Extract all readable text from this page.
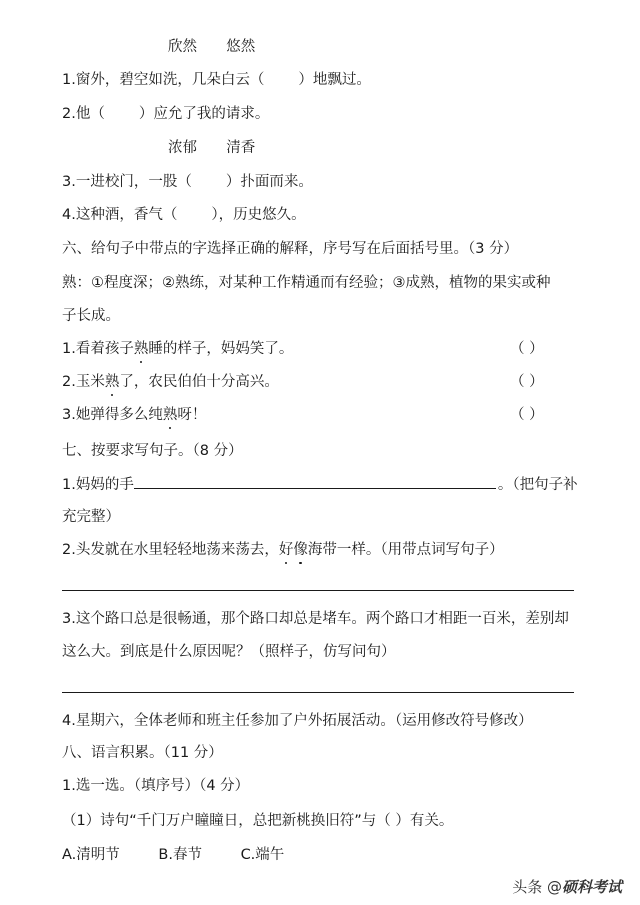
欣然 悠然
1.窗外，碧空如洗，几朵白云（ ）地飘过。
2.他（ ）应允了我的请求。
浓郁 清香
3.一进校门，一股（ ）扑面而来。
4.这种酒，香气（ ），历史悠久。
六、给句子中带点的字选择正确的解释，序号写在后面括号里。（3 分）
熟：①程度深；②熟练，对某种工作精通而有经验；③成熟，植物的果实或种
子长成。
1.看着孩子熟睡的样子，妈妈笑了。	（ ）
2.玉米熟了，农民伯伯十分高兴。	（ ）
3.她弹得多么纯熟呀！	（ ）
七、按要求写句子。（8 分）
1.妈妈的手	。（把句子补
充完整）
2.头发就在水里轻轻地荡来荡去，好像海带一样。（用带点词写句子）
3.这个路口总是很畅通，那个路口却总是堵车。两个路口才相距一百米，差别却
这么大。到底是什么原因呢？（照样子，仿写问句）
4.星期六，全体老师和班主任参加了户外拓展活动。（运用修改符号修改）
八、语言积累。（11 分）
1.选一选。（填序号）（4 分）
（1）诗句“千门万户瞳瞳日，总把新桃换旧符”与（ ）有关。
A.清明节	B.春节	C.端午
头条 @硕科考试
